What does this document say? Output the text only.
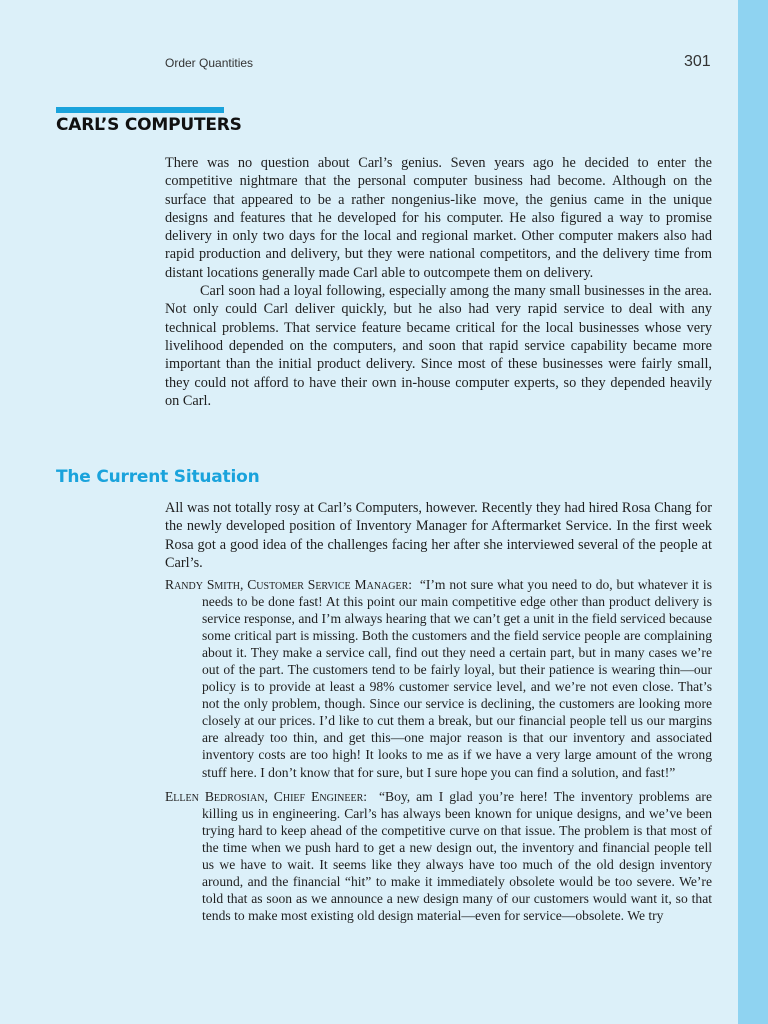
Order Quantities	301
CARL’S COMPUTERS

There was no question about Carl’s genius. Seven years ago he decided to enter the competitive nightmare that the personal computer business had become. Although on the surface that appeared to be a rather nongenius-like move, the genius came in the unique designs and features that he developed for his computer. He also figured a way to promise delivery in only two days for the local and regional market. Other computer makers also had rapid production and delivery, but they were national competitors, and the delivery time from distant locations generally made Carl able to outcompete them on delivery.

Carl soon had a loyal following, especially among the many small businesses in the area. Not only could Carl deliver quickly, but he also had very rapid service to deal with any technical problems. That service feature became critical for the local businesses whose very livelihood depended on the computers, and soon that rapid service capability became more important than the initial product delivery. Since most of these businesses were fairly small, they could not afford to have their own in-house computer experts, so they depended heavily on Carl.

The Current Situation

All was not totally rosy at Carl’s Computers, however. Recently they had hired Rosa Chang for the newly developed position of Inventory Manager for Aftermarket Service. In the first week Rosa got a good idea of the challenges facing her after she interviewed several of the people at Carl’s.

Randy Smith, Customer Service Manager: “I’m not sure what you need to do, but whatever it is needs to be done fast! At this point our main competitive edge other than product delivery is service response, and I’m always hearing that we can’t get a unit in the field serviced because some critical part is missing. Both the customers and the field service people are complaining about it. They make a service call, find out they need a certain part, but in many cases we’re out of the part. The customers tend to be fairly loyal, but their patience is wearing thin—our policy is to provide at least a 98% customer service level, and we’re not even close. That’s not the only problem, though. Since our service is declining, the customers are looking more closely at our prices. I’d like to cut them a break, but our financial people tell us our margins are already too thin, and get this—one major reason is that our inventory and associated inventory costs are too high! It looks to me as if we have a very large amount of the wrong stuff here. I don’t know that for sure, but I sure hope you can find a solution, and fast!”

Ellen Bedrosian, Chief Engineer: “Boy, am I glad you’re here! The inventory problems are killing us in engineering. Carl’s has always been known for unique designs, and we’ve been trying hard to keep ahead of the competitive curve on that issue. The problem is that most of the time when we push hard to get a new design out, the inventory and financial people tell us we have to wait. It seems like they always have too much of the old design inventory around, and the financial “hit” to make it immediately obsolete would be too severe. We’re told that as soon as we announce a new design many of our customers would want it, so that tends to make most existing old design material—even for service—obsolete. We try
